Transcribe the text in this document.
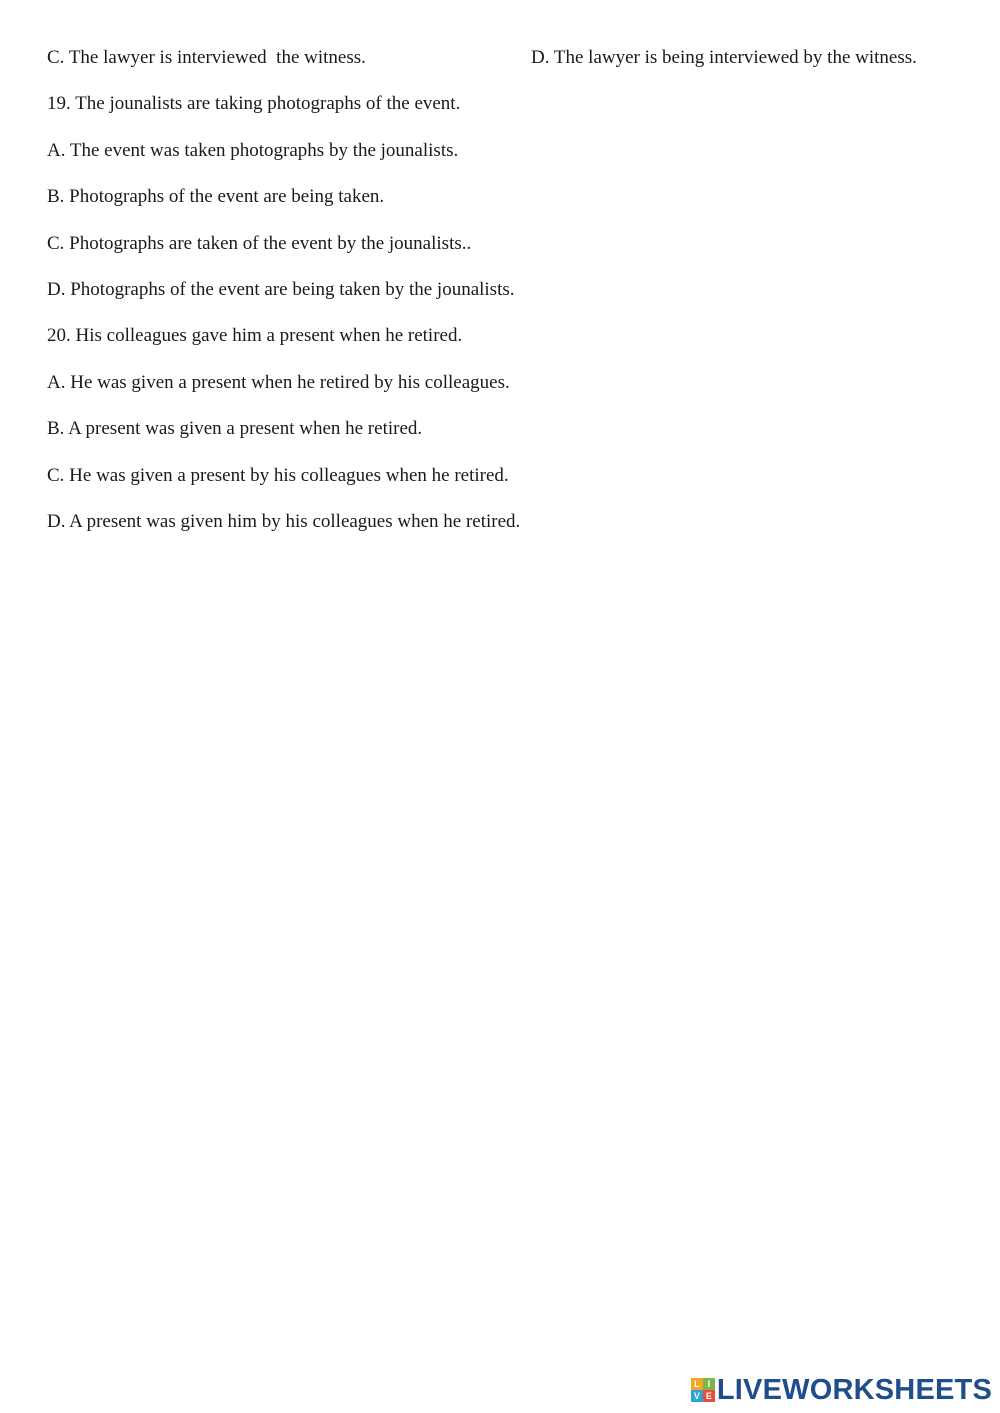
C. The lawyer is interviewed  the witness.	D. The lawyer is being interviewed by the witness.
19. The jounalists are taking photographs of the event.
A. The event was taken photographs by the jounalists.
B. Photographs of the event are being taken.
C. Photographs are taken of the event by the jounalists..
D. Photographs of the event are being taken by the jounalists.
20. His colleagues gave him a present when he retired.
A. He was given a present when he retired by his colleagues.
B. A present was given a present when he retired.
C. He was given a present by his colleagues when he retired.
D. A present was given him by his colleagues when he retired.
L I
V E LIVEWORKSHEETS
